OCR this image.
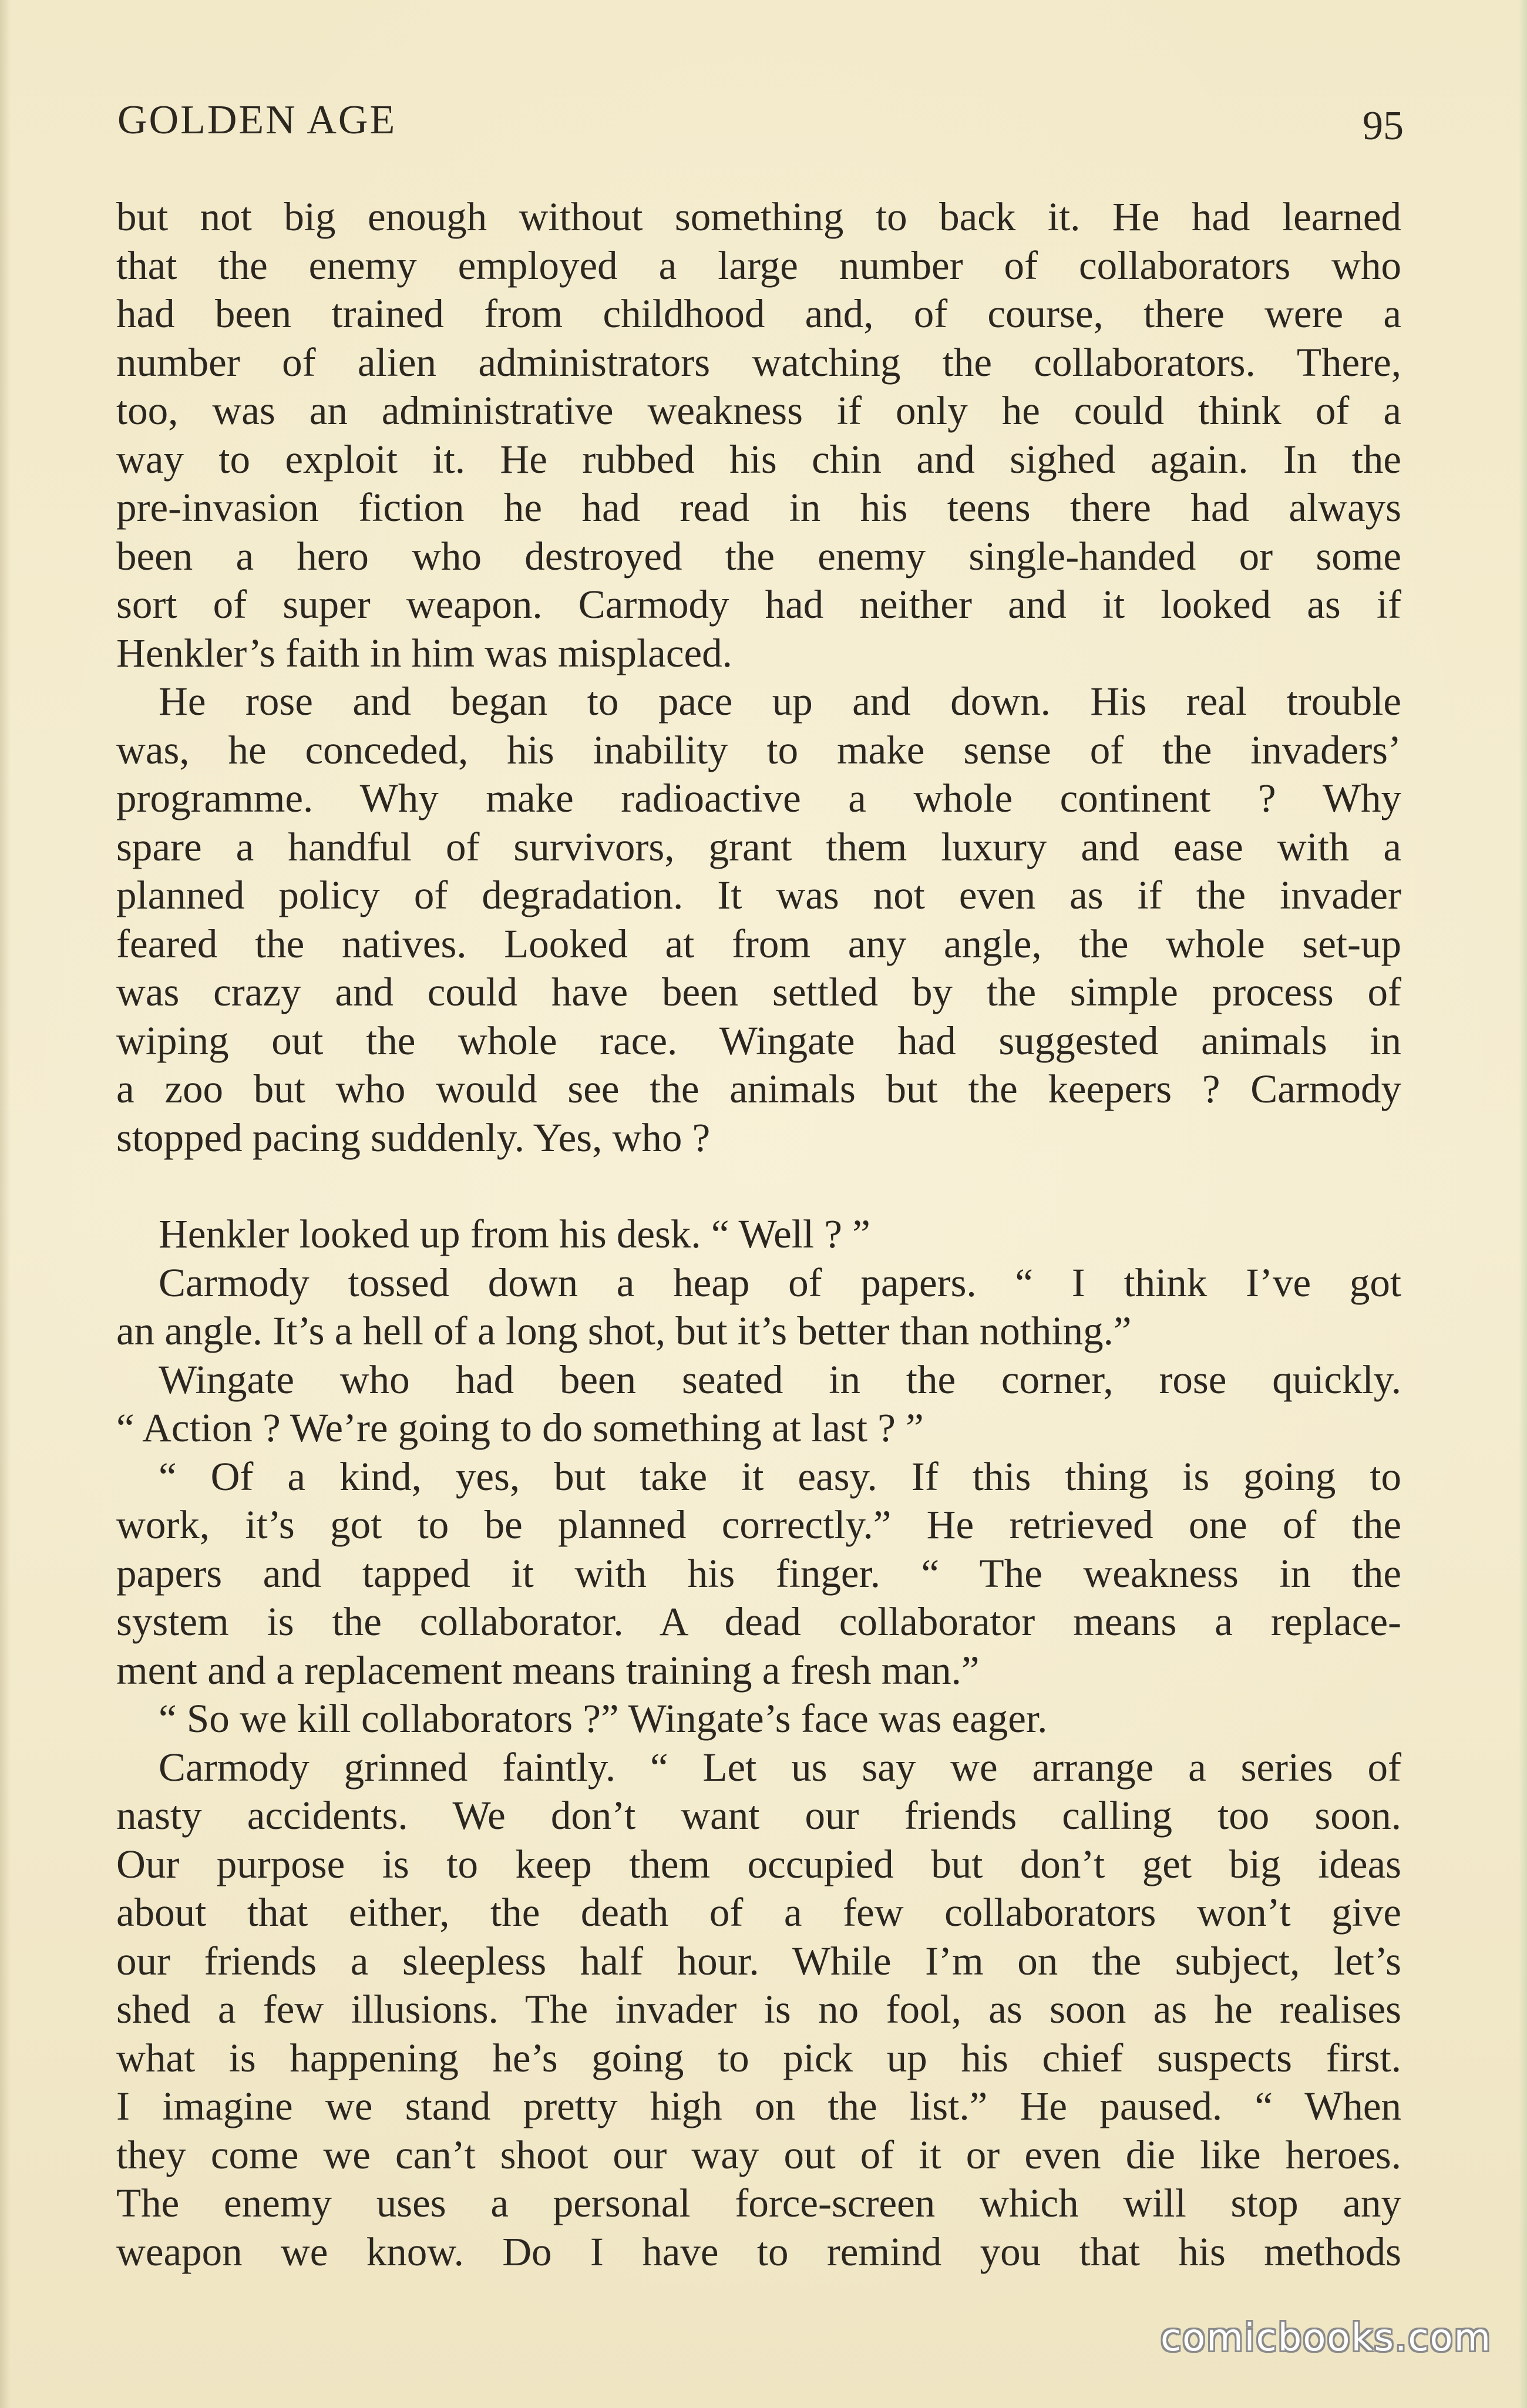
GOLDEN AGE	95
but not big enough without something to back it. He had learned
that the enemy employed a large number of collaborators who
had been trained from childhood and, of course, there were a
number of alien administrators watching the collaborators. There,
too, was an administrative weakness if only he could think of a
way to exploit it. He rubbed his chin and sighed again. In the
pre-invasion fiction he had read in his teens there had always
been a hero who destroyed the enemy single-handed or some
sort of super weapon. Carmody had neither and it looked as if
Henkler’s faith in him was misplaced.
He rose and began to pace up and down. His real trouble
was, he conceded, his inability to make sense of the invaders’
programme. Why make radioactive a whole continent ? Why
spare a handful of survivors, grant them luxury and ease with a
planned policy of degradation. It was not even as if the invader
feared the natives. Looked at from any angle, the whole set-up
was crazy and could have been settled by the simple process of
wiping out the whole race. Wingate had suggested animals in
a zoo but who would see the animals but the keepers ? Carmody
stopped pacing suddenly. Yes, who ?
Henkler looked up from his desk. “ Well ? ”
Carmody tossed down a heap of papers. “ I think I’ve got
an angle. It’s a hell of a long shot, but it’s better than nothing.”
Wingate who had been seated in the corner, rose quickly.
“ Action ? We’re going to do something at last ? ”
“ Of a kind, yes, but take it easy. If this thing is going to
work, it’s got to be planned correctly.” He retrieved one of the
papers and tapped it with his finger. “ The weakness in the
system is the collaborator. A dead collaborator means a replace-
ment and a replacement means training a fresh man.”
“ So we kill collaborators ?” Wingate’s face was eager.
Carmody grinned faintly. “ Let us say we arrange a series of
nasty accidents. We don’t want our friends calling too soon.
Our purpose is to keep them occupied but don’t get big ideas
about that either, the death of a few collaborators won’t give
our friends a sleepless half hour. While I’m on the subject, let’s
shed a few illusions. The invader is no fool, as soon as he realises
what is happening he’s going to pick up his chief suspects first.
I imagine we stand pretty high on the list.” He paused. “ When
they come we can’t shoot our way out of it or even die like heroes.
The enemy uses a personal force-screen which will stop any
weapon we know. Do I have to remind you that his methods
comicbooks.com
